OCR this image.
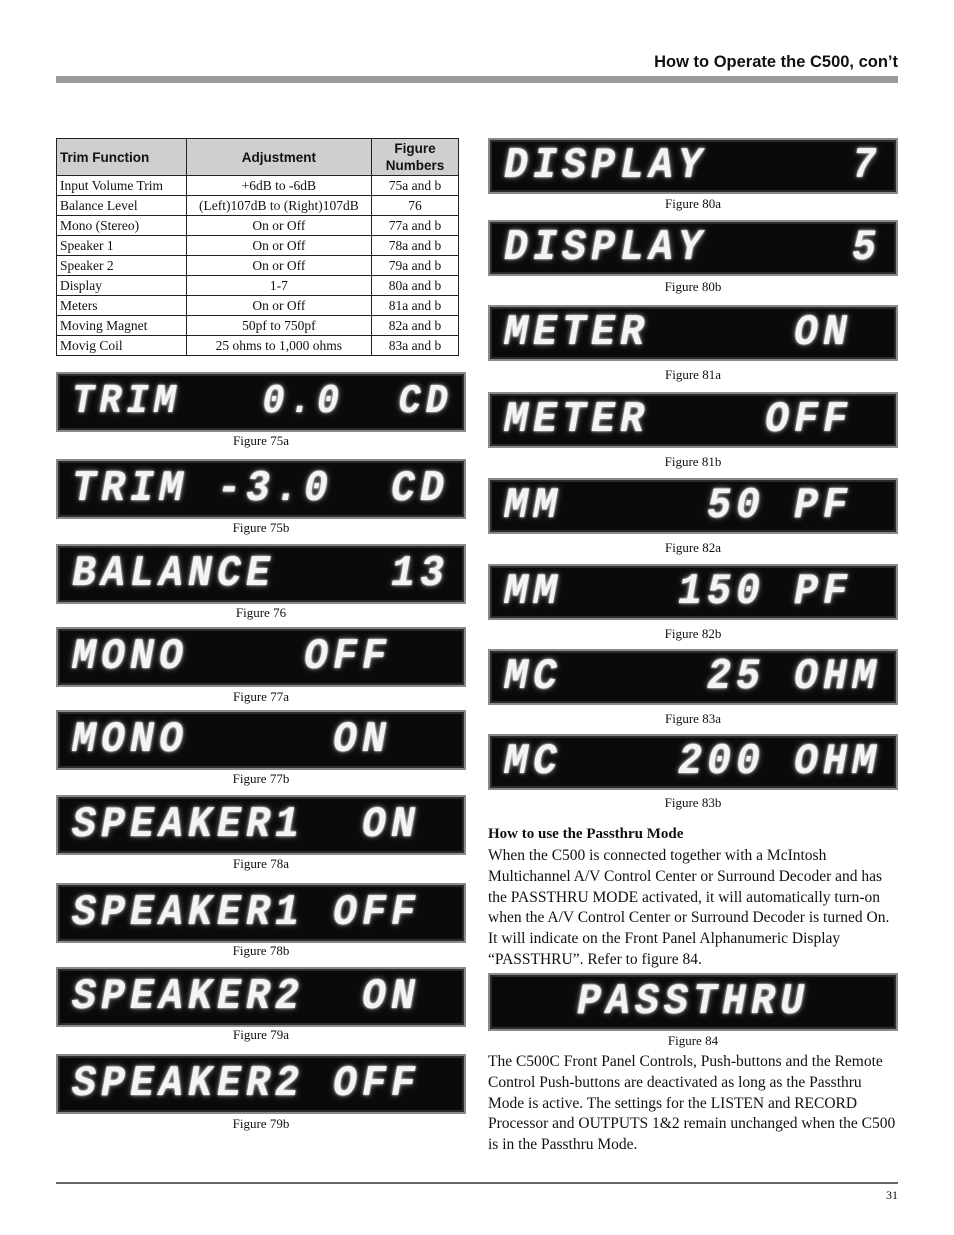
How to Operate the C500, con’t
Trim Function	Adjustment	Figure Numbers
Input Volume Trim	+6dB to -6dB	75a and b
Balance Level	(Left)107dB to (Right)107dB	76
Mono (Stereo)	On or Off	77a and b
Speaker 1	On or Off	78a and b
Speaker 2	On or Off	79a and b
Display	1-7	80a and b
Meters	On or Off	81a and b
Moving Magnet	50pf to 750pf	82a and b
Movig Coil	25 ohms to 1,000 ohms	83a and b
TRIM   0.0  CD
Figure 75a
TRIM -3.0  CD
Figure 75b
BALANCE    13
Figure 76
MONO    OFF
Figure 77a
MONO     ON
Figure 77b
SPEAKER1  ON
Figure 78a
SPEAKER1 OFF
Figure 78b
SPEAKER2  ON
Figure 79a
SPEAKER2 OFF
Figure 79b
DISPLAY     7
Figure 80a
DISPLAY     5
Figure 80b
METER     ON
Figure 81a
METER    OFF
Figure 81b
MM     50 PF
Figure 82a
MM    150 PF
Figure 82b
MC     25 OHM
Figure 83a
MC    200 OHM
Figure 83b
How to use the Passthru Mode
When the C500 is connected together with a McIntosh Multichannel A/V Control Center or Surround Decoder and has the PASSTHRU MODE activated, it will automatically turn-on when the A/V Control Center or Surround Decoder is turned On. It will indicate on the Front Panel Alphanumeric Display “PASSTHRU”. Refer to figure 84.
PASSTHRU
Figure 84
The C500C Front Panel Controls, Push-buttons and the Remote Control Push-buttons are deactivated as long as the Passthru Mode is active. The settings for the LISTEN and RECORD Processor and OUTPUTS 1&2 remain unchanged when the C500 is in the Passthru Mode.
31
